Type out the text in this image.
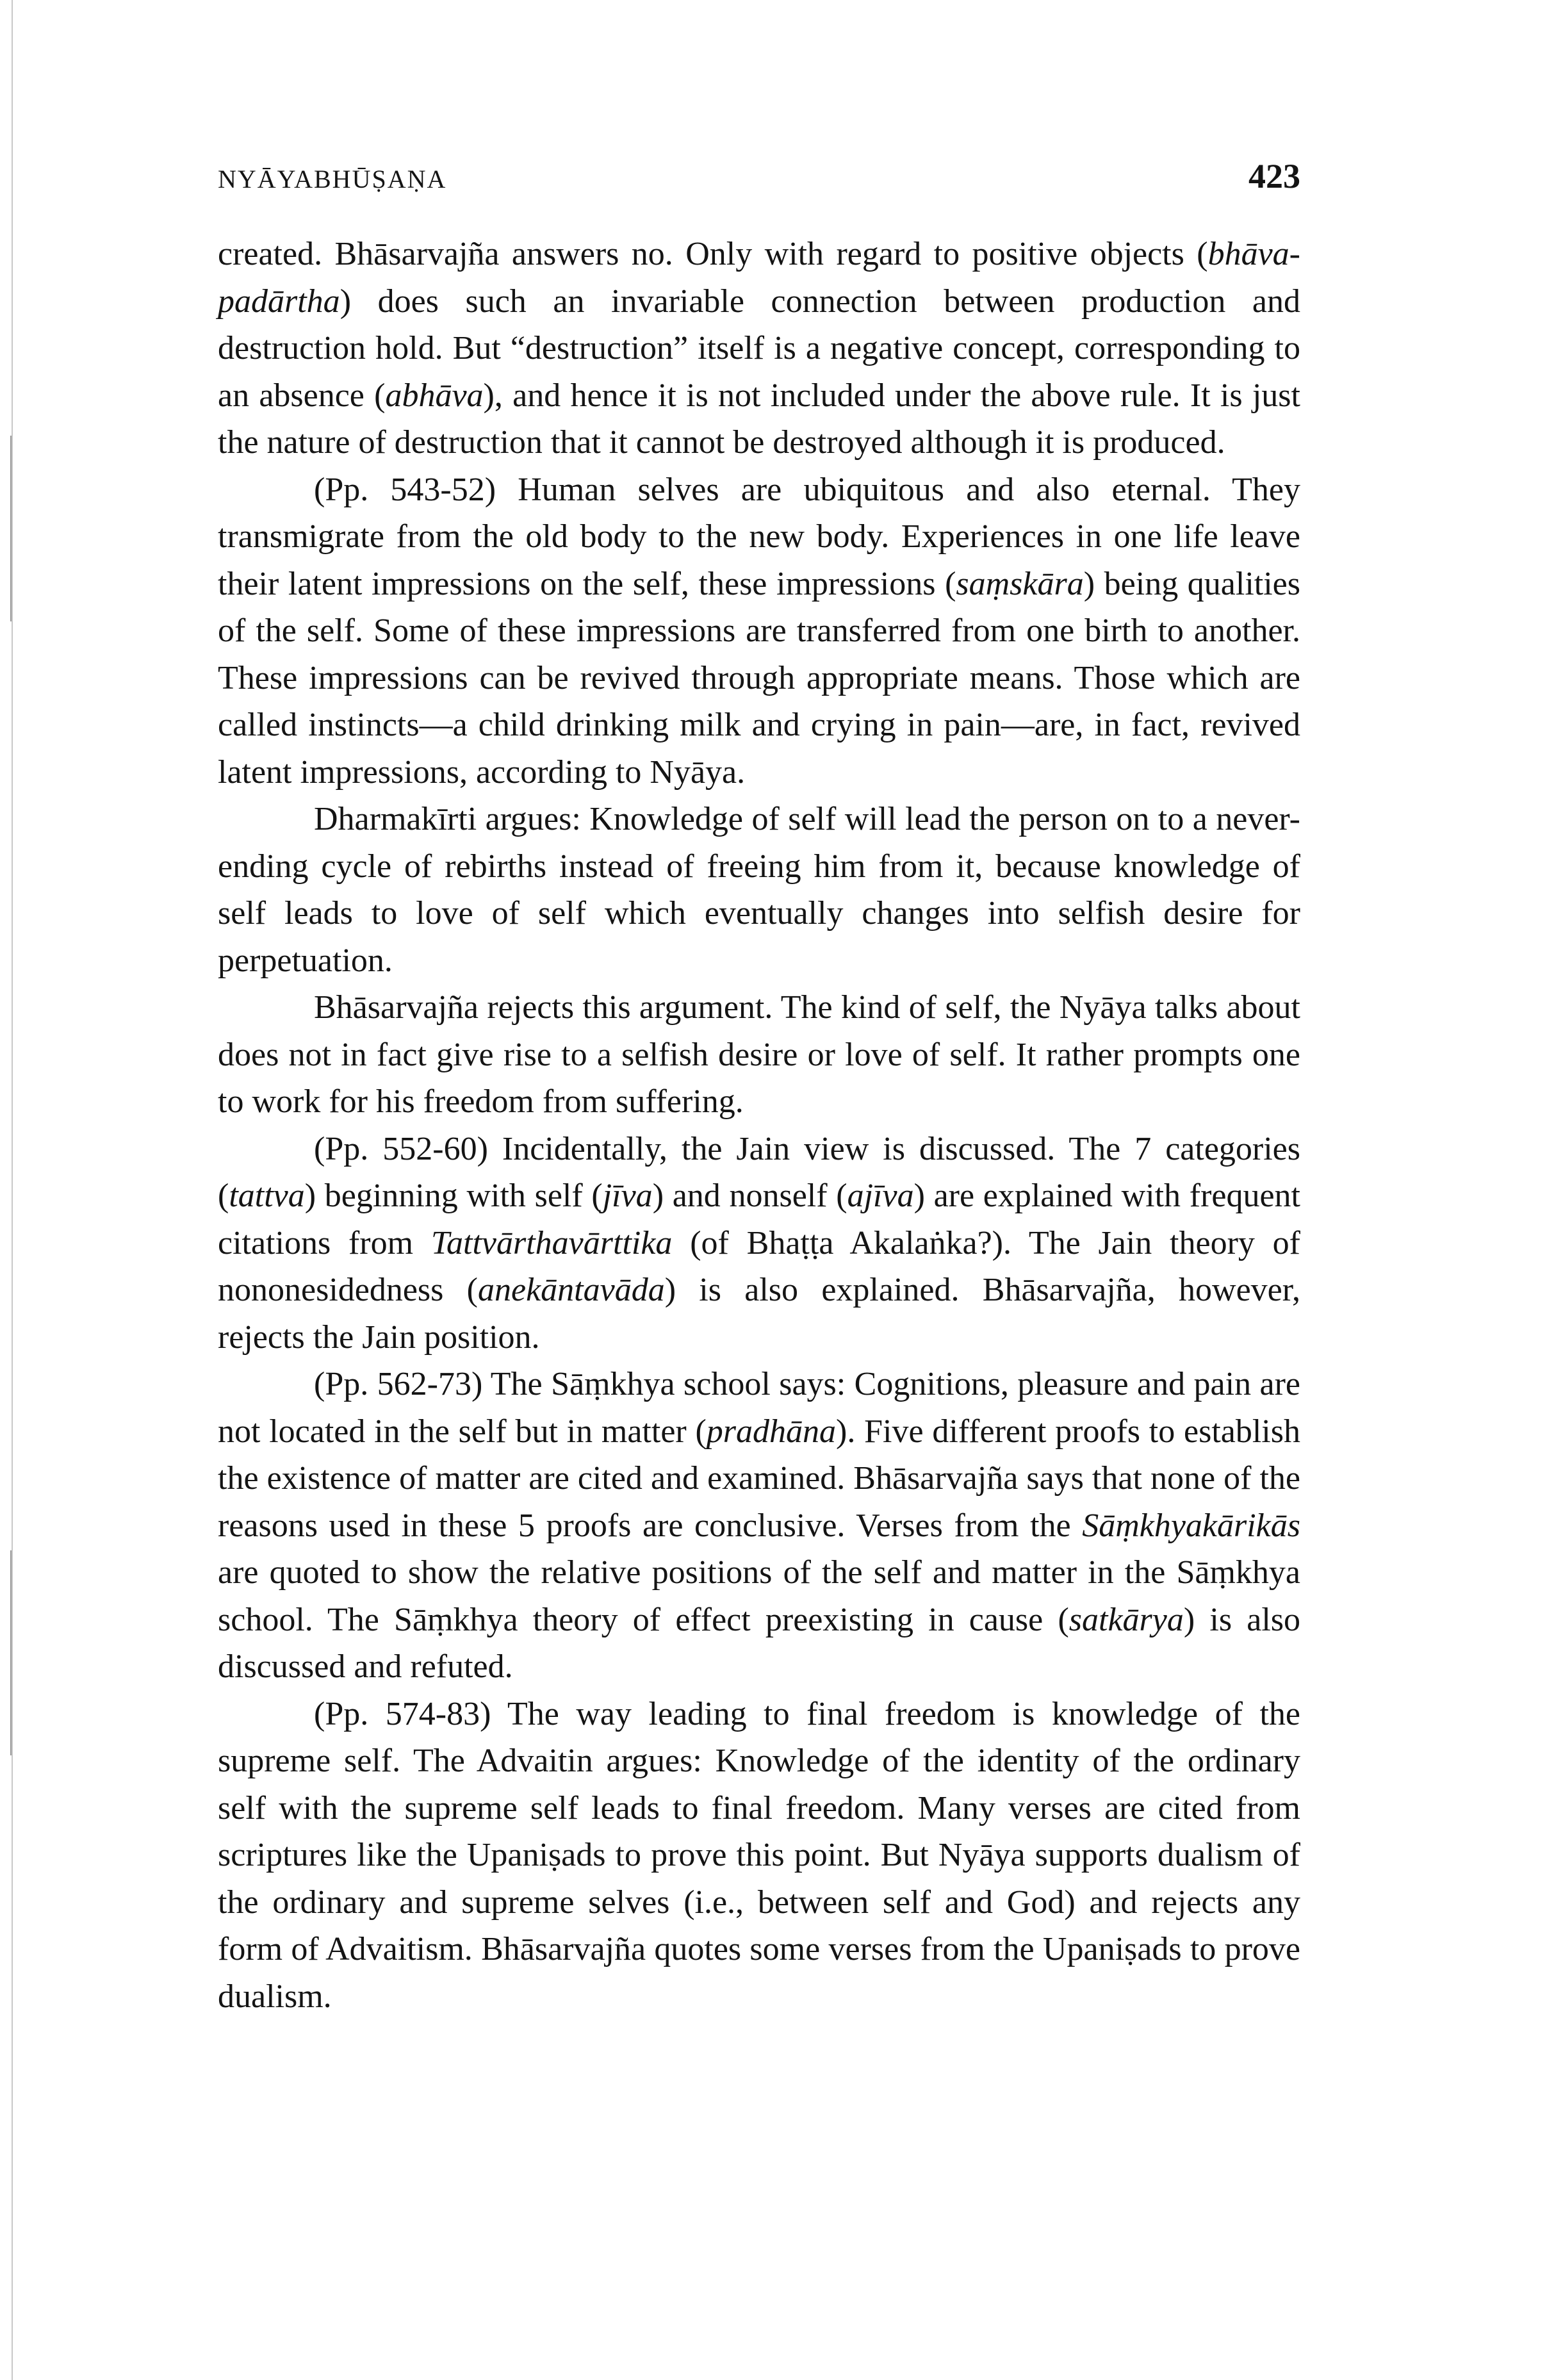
NYĀYABHŪṢAṆA	423

created. Bhāsarvajña answers no. Only with regard to positive objects (bhāva-padārtha) does such an invariable connection between production and destruction hold. But “destruction” itself is a negative concept, corresponding to an absence (abhāva), and hence it is not included under the above rule. It is just the nature of destruction that it cannot be destroyed although it is produced.

(Pp. 543-52) Human selves are ubiquitous and also eternal. They transmigrate from the old body to the new body. Experiences in one life leave their latent impressions on the self, these impressions (saṃskāra) being qualities of the self. Some of these impressions are transferred from one birth to another. These impressions can be revived through appropriate means. Those which are called instincts—a child drinking milk and crying in pain—are, in fact, revived latent impressions, according to Nyāya.

Dharmakīrti argues: Knowledge of self will lead the person on to a never-ending cycle of rebirths instead of freeing him from it, because knowledge of self leads to love of self which eventually changes into selfish desire for perpetuation.

Bhāsarvajña rejects this argument. The kind of self, the Nyāya talks about does not in fact give rise to a selfish desire or love of self. It rather prompts one to work for his freedom from suffering.

(Pp. 552-60) Incidentally, the Jain view is discussed. The 7 categories (tattva) beginning with self (jīva) and nonself (ajīva) are explained with frequent citations from Tattvārthavārttika (of Bhaṭṭa Akalaṅka?). The Jain theory of nononesidedness (anekāntavāda) is also explained. Bhāsarvajña, however, rejects the Jain position.

(Pp. 562-73) The Sāṃkhya school says: Cognitions, pleasure and pain are not located in the self but in matter (pradhāna). Five different proofs to establish the existence of matter are cited and examined. Bhāsarvajña says that none of the reasons used in these 5 proofs are conclusive. Verses from the Sāṃkhyakārikās are quoted to show the relative positions of the self and matter in the Sāṃkhya school. The Sāṃkhya theory of effect preexisting in cause (satkārya) is also discussed and refuted.

(Pp. 574-83) The way leading to final freedom is knowledge of the supreme self. The Advaitin argues: Knowledge of the identity of the ordinary self with the supreme self leads to final freedom. Many verses are cited from scriptures like the Upaniṣads to prove this point. But Nyāya supports dualism of the ordinary and supreme selves (i.e., between self and God) and rejects any form of Advaitism. Bhāsarvajña quotes some verses from the Upaniṣads to prove dualism.
